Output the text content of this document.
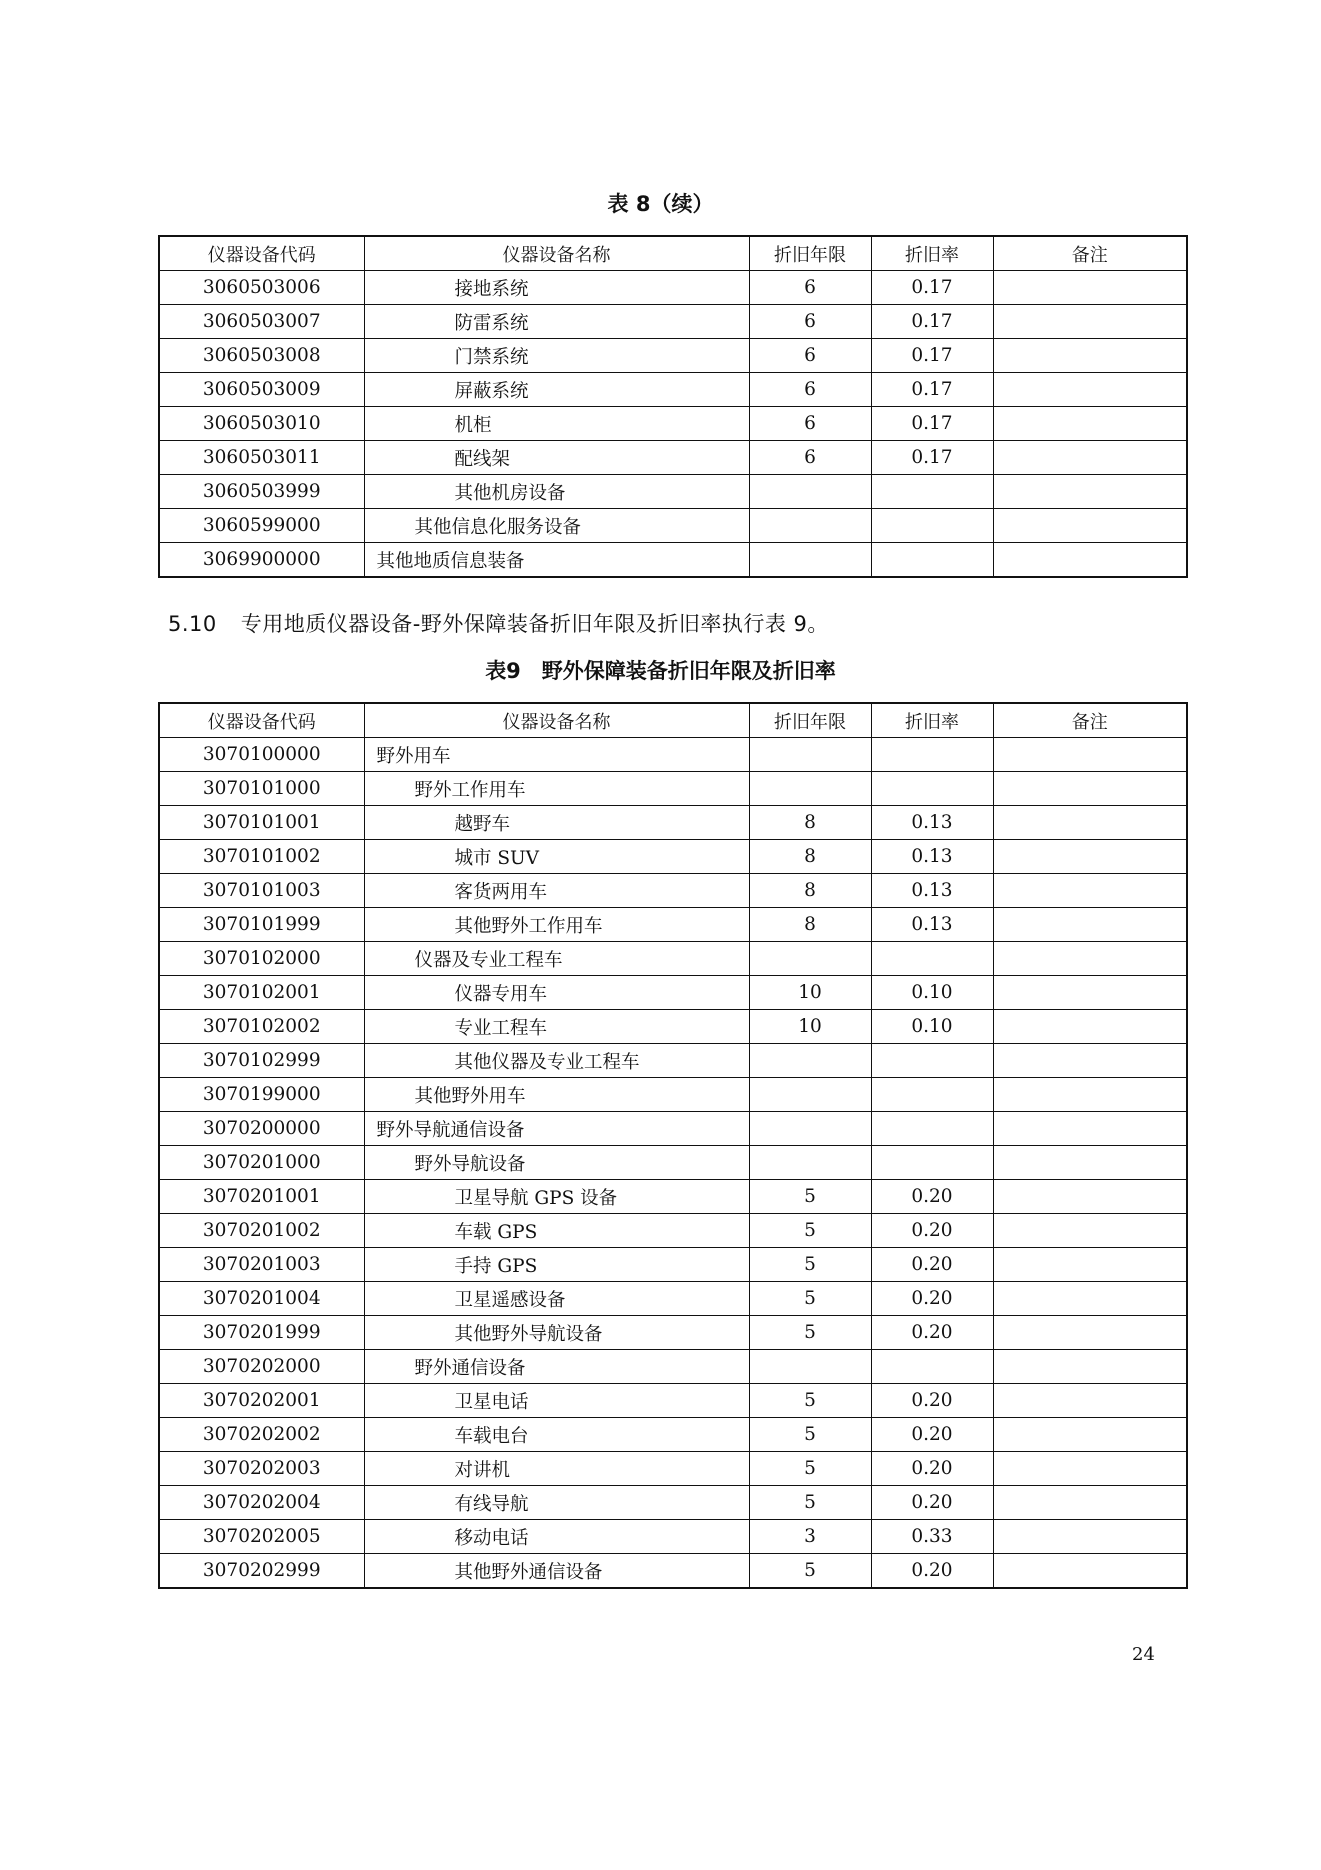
表 8（续）
仪器设备代码	仪器设备名称	折旧年限	折旧率	备注
3060503006	接地系统	6	0.17	
3060503007	防雷系统	6	0.17	
3060503008	门禁系统	6	0.17	
3060503009	屏蔽系统	6	0.17	
3060503010	机柜	6	0.17	
3060503011	配线架	6	0.17	
3060503999	其他机房设备			
3060599000	其他信息化服务设备			
3069900000	其他地质信息装备			
5.10 专用地质仪器设备-野外保障装备折旧年限及折旧率执行表 9。
表9　野外保障装备折旧年限及折旧率
仪器设备代码	仪器设备名称	折旧年限	折旧率	备注
3070100000	野外用车			
3070101000	野外工作用车			
3070101001	越野车	8	0.13	
3070101002	城市 SUV	8	0.13	
3070101003	客货两用车	8	0.13	
3070101999	其他野外工作用车	8	0.13	
3070102000	仪器及专业工程车			
3070102001	仪器专用车	10	0.10	
3070102002	专业工程车	10	0.10	
3070102999	其他仪器及专业工程车			
3070199000	其他野外用车			
3070200000	野外导航通信设备			
3070201000	野外导航设备			
3070201001	卫星导航 GPS 设备	5	0.20	
3070201002	车载 GPS	5	0.20	
3070201003	手持 GPS	5	0.20	
3070201004	卫星遥感设备	5	0.20	
3070201999	其他野外导航设备	5	0.20	
3070202000	野外通信设备			
3070202001	卫星电话	5	0.20	
3070202002	车载电台	5	0.20	
3070202003	对讲机	5	0.20	
3070202004	有线导航	5	0.20	
3070202005	移动电话	3	0.33	
3070202999	其他野外通信设备	5	0.20	
24
